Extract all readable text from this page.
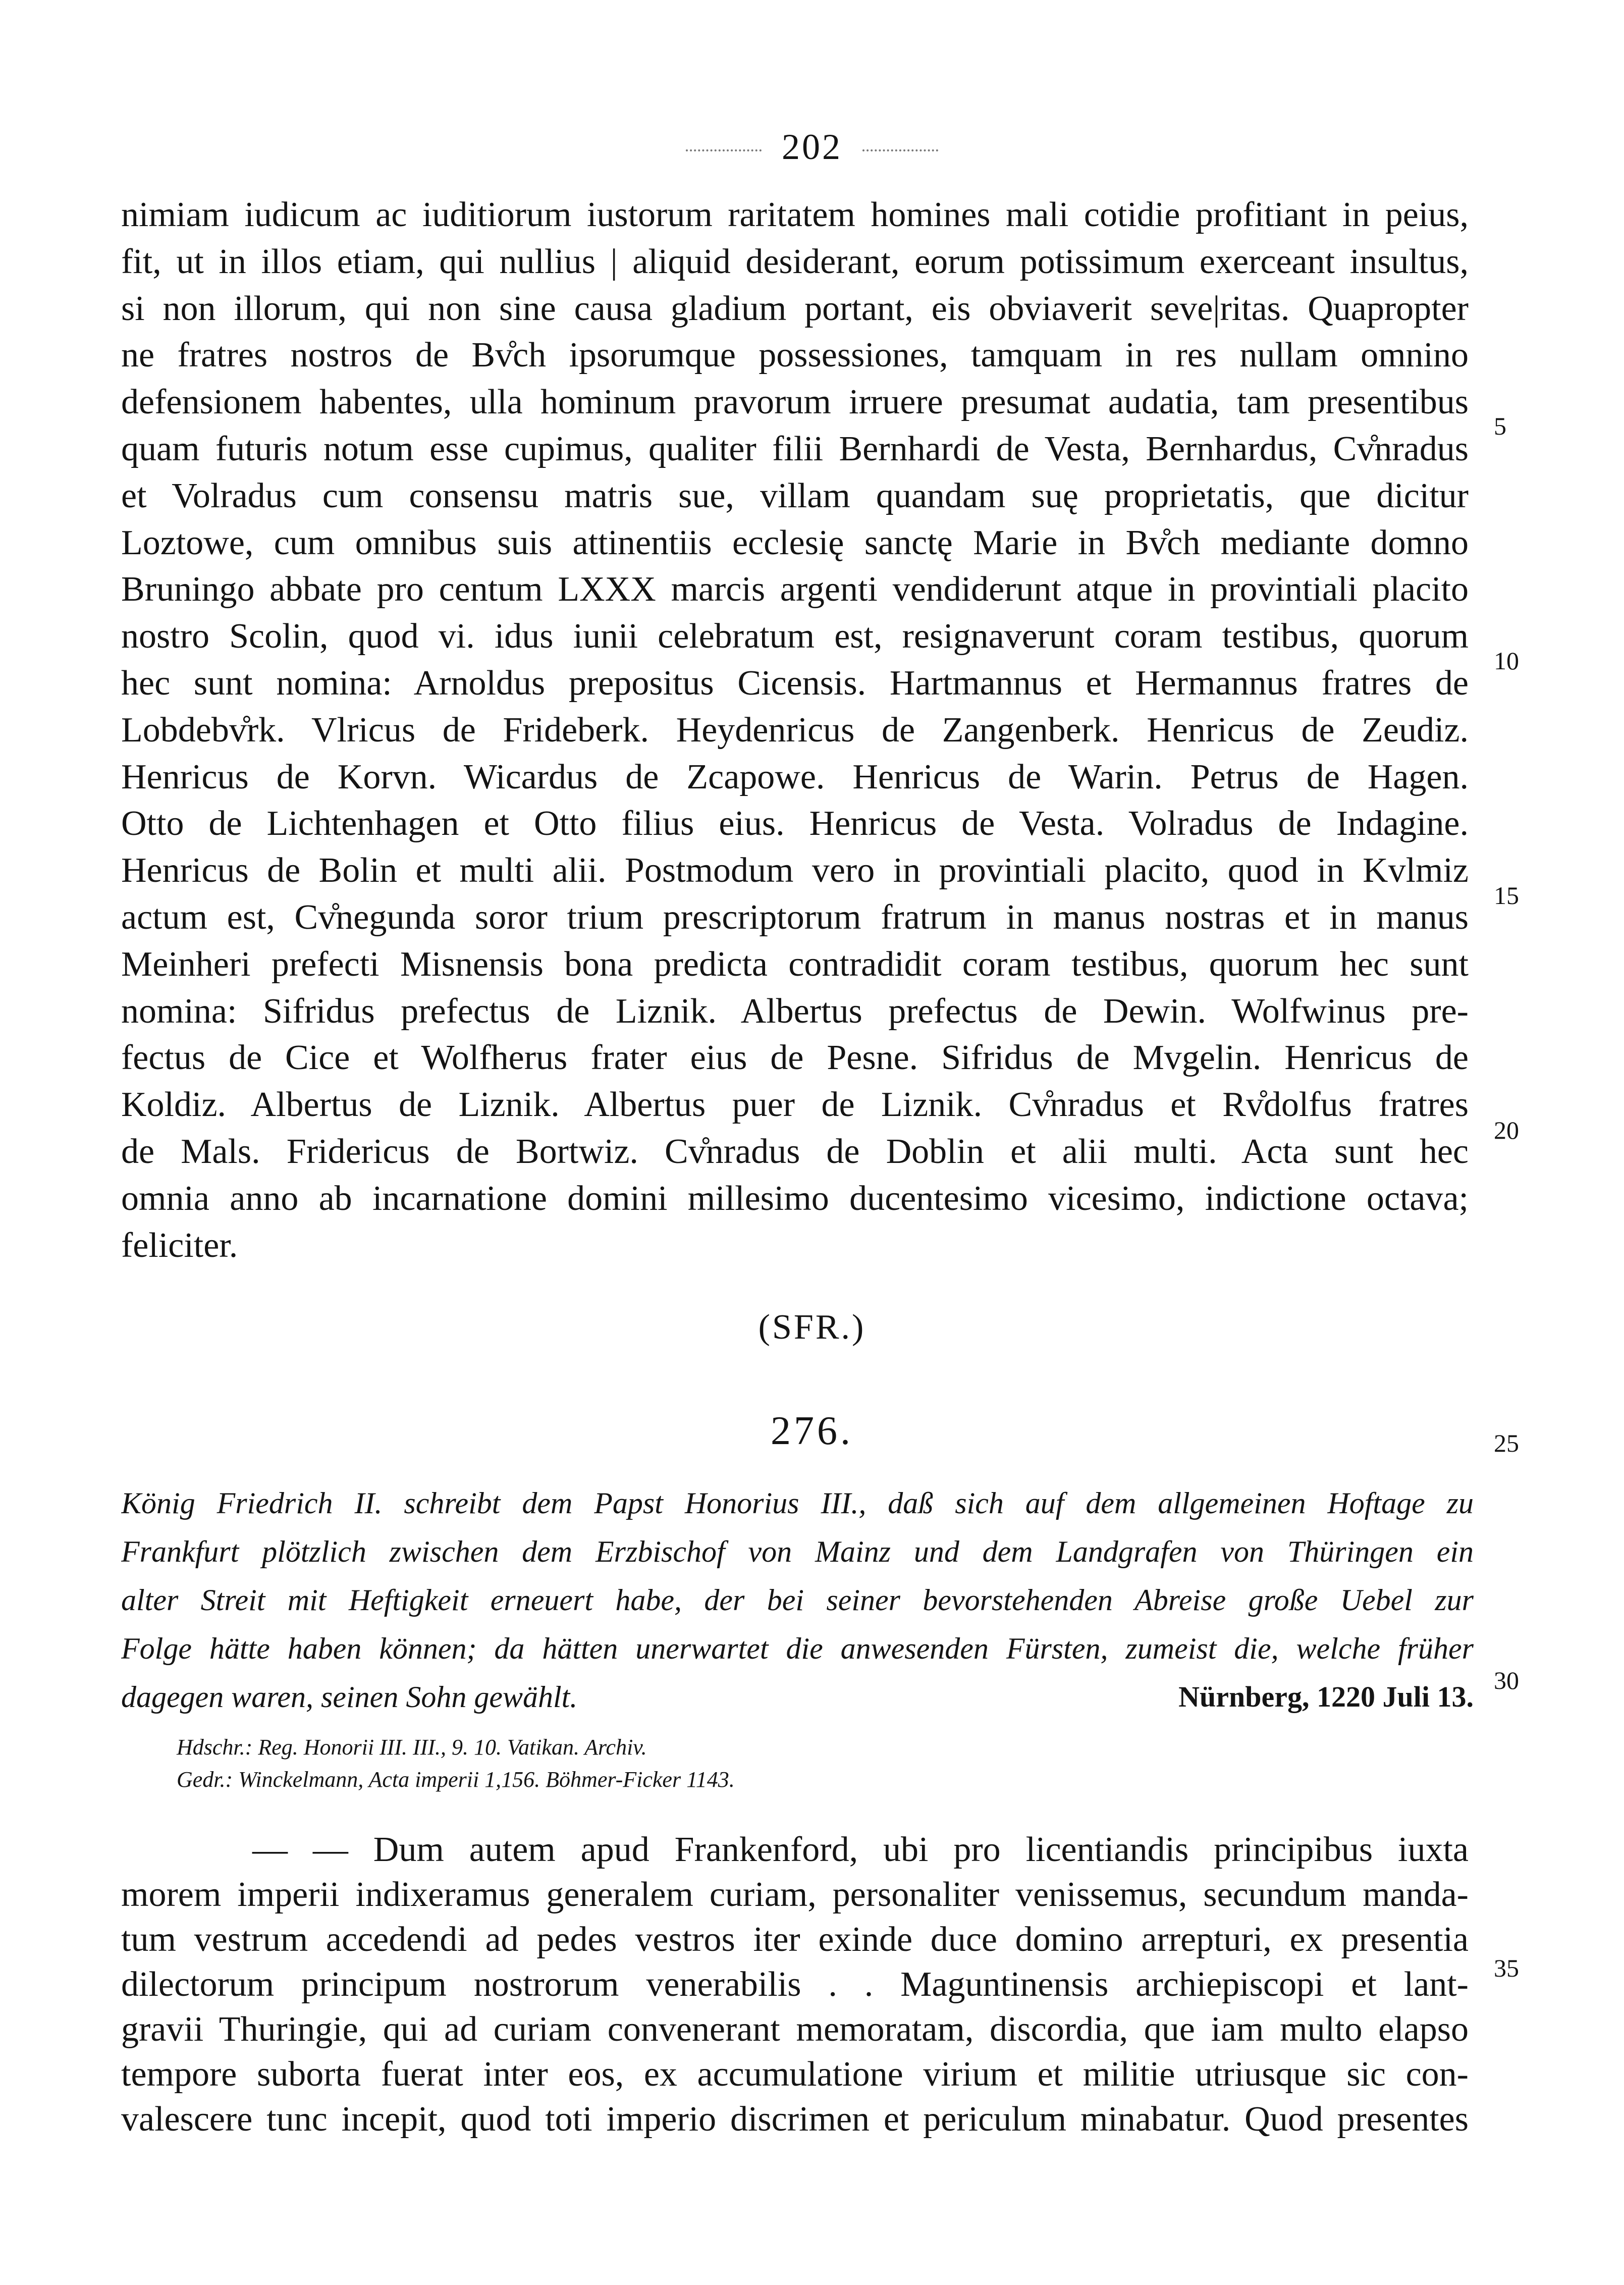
202
nimiam iudicum ac iuditiorum iustorum raritatem homines mali cotidie profitiant in peius,
fit, ut in illos etiam, qui nullius | aliquid desiderant, eorum potissimum exerceant insultus,
si non illorum, qui non sine causa gladium portant, eis obviaverit seve|ritas. Quapropter
ne fratres nostros de Bv̊ch ipsorumque possessiones, tamquam in res nullam omnino
defensionem habentes, ulla hominum pravorum irruere presumat audatia, tam presentibus
quam futuris notum esse cupimus, qualiter filii Bernhardi de Vesta, Bernhardus, Cv̊nradus
et Volradus cum consensu matris sue, villam quandam suę proprietatis, que dicitur
Loztowe, cum omnibus suis attinentiis ecclesię sanctę Marie in Bv̊ch mediante domno
Bruningo abbate pro centum LXXX marcis argenti vendiderunt atque in provintiali placito
nostro Scolin, quod vi. idus iunii celebratum est, resignaverunt coram testibus, quorum
hec sunt nomina: Arnoldus prepositus Cicensis. Hartmannus et Hermannus fratres de
Lobdebv̊rk. Vlricus de Frideberk. Heydenricus de Zangenberk. Henricus de Zeudiz.
Henricus de Korvn. Wicardus de Zcapowe. Henricus de Warin. Petrus de Hagen.
Otto de Lichtenhagen et Otto filius eius. Henricus de Vesta. Volradus de Indagine.
Henricus de Bolin et multi alii. Postmodum vero in provintiali placito, quod in Kvlmiz
actum est, Cv̊negunda soror trium prescriptorum fratrum in manus nostras et in manus
Meinheri prefecti Misnensis bona predicta contradidit coram testibus, quorum hec sunt
nomina: Sifridus prefectus de Liznik. Albertus prefectus de Dewin. Wolfwinus pre-
fectus de Cice et Wolfherus frater eius de Pesne. Sifridus de Mvgelin. Henricus de
Koldiz. Albertus de Liznik. Albertus puer de Liznik. Cv̊nradus et Rv̊dolfus fratres
de Mals. Fridericus de Bortwiz. Cv̊nradus de Doblin et alii multi. Acta sunt hec
omnia anno ab incarnatione domini millesimo ducentesimo vicesimo, indictione octava;
feliciter.
5
10
15
20
25
30
35
(SFR.)
276.
König Friedrich II. schreibt dem Papst Honorius III., daß sich auf dem allgemeinen Hoftage zu
Frankfurt plötzlich zwischen dem Erzbischof von Mainz und dem Landgrafen von Thüringen ein
alter Streit mit Heftigkeit erneuert habe, der bei seiner bevorstehenden Abreise große Uebel zur
Folge hätte haben können; da hätten unerwartet die anwesenden Fürsten, zumeist die, welche früher
dagegen waren, seinen Sohn gewählt.	Nürnberg, 1220 Juli 13.
Hdschr.: Reg. Honorii III. III., 9. 10. Vatikan. Archiv.
Gedr.: Winckelmann, Acta imperii 1,156. Böhmer-Ficker 1143.
— — Dum autem apud Frankenford, ubi pro licentiandis principibus iuxta
morem imperii indixeramus generalem curiam, personaliter venissemus, secundum manda-
tum vestrum accedendi ad pedes vestros iter exinde duce domino arrepturi, ex presentia
dilectorum principum nostrorum venerabilis . . Maguntinensis archiepiscopi et lant-
gravii Thuringie, qui ad curiam convenerant memoratam, discordia, que iam multo elapso
tempore suborta fuerat inter eos, ex accumulatione virium et militie utriusque sic con-
valescere tunc incepit, quod toti imperio discrimen et periculum minabatur. Quod presentes
